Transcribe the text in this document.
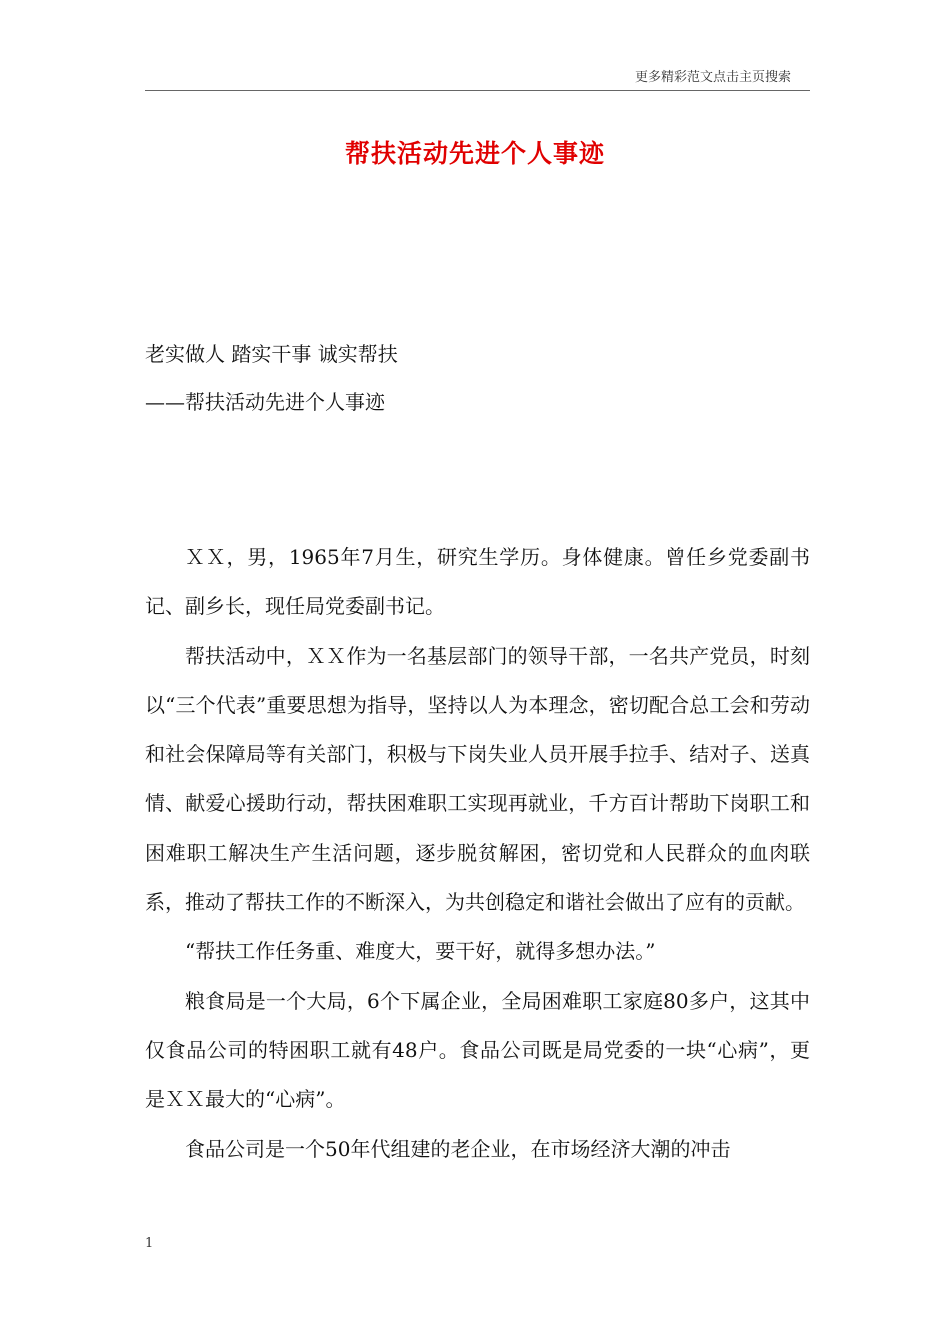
更多精彩范文点击主页搜索
帮扶活动先进个人事迹
老实做人 踏实干事 诚实帮扶
——帮扶活动先进个人事迹

ＸＸ，男，1965年7月生，研究生学历。身体健康。曾任乡党委副书记、副乡长，现任局党委副书记。

帮扶活动中，ＸＸ作为一名基层部门的领导干部，一名共产党员，时刻以“三个代表”重要思想为指导，坚持以人为本理念，密切配合总工会和劳动和社会保障局等有关部门，积极与下岗失业人员开展手拉手、结对子、送真情、献爱心援助行动，帮扶困难职工实现再就业，千方百计帮助下岗职工和困难职工解决生产生活问题，逐步脱贫解困，密切党和人民群众的血肉联系，推动了帮扶工作的不断深入，为共创稳定和谐社会做出了应有的贡献。

“帮扶工作任务重、难度大，要干好，就得多想办法。”

粮食局是一个大局，6个下属企业，全局困难职工家庭80多户，这其中仅食品公司的特困职工就有48户。食品公司既是局党委的一块“心病”，更是ＸＸ最大的“心病”。

食品公司是一个50年代组建的老企业，在市场经济大潮的冲击

1
